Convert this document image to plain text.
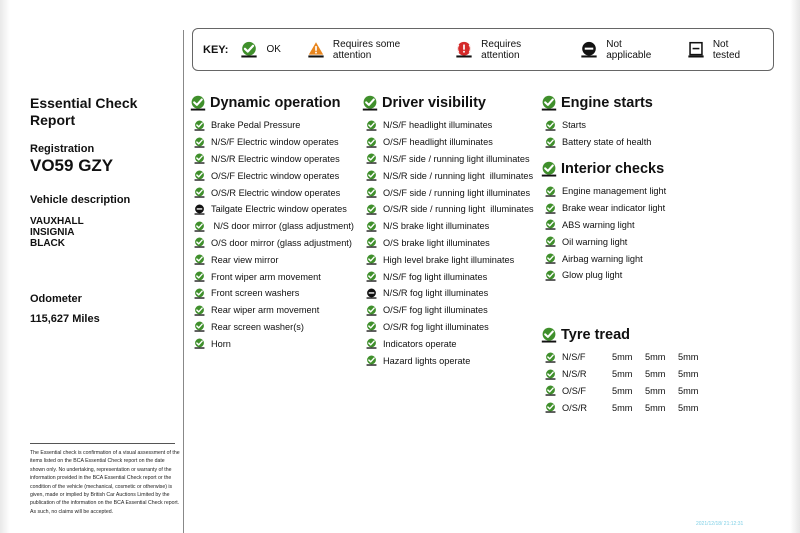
Essential Check Report
Registration
VO59 GZY
Vehicle description
VAUXHALL
INSIGNIA
BLACK
Odometer
115,627 Miles
The Essential check is confirmation of a visual assessment of the items listed on the BCA Essential Check report on the date shown only. No undertaking, representation or warranty of the information provided in the BCA Essential Check report or the condition of the vehicle (mechanical, cosmetic or otherwise) is given, made or implied by British Car Auctions Limited by the publication of the information on the BCA Essential Check report. As such, no claims will be accepted.
KEY:	OK	Requires some attention
Requires attention
Not applicable
Not tested
Dynamic operation
Brake Pedal Pressure
N/S/F Electric window operates
N/S/R Electric window operates
O/S/F Electric window operates
O/S/R Electric window operates
Tailgate Electric window operates
N/S door mirror (glass adjustment)
O/S door mirror (glass adjustment)
Rear view mirror
Front wiper arm movement
Front screen washers
Rear wiper arm movement
Rear screen washer(s)
Horn
Driver visibility
N/S/F headlight illuminates
O/S/F headlight illuminates
N/S/F side / running light illuminates
N/S/R side / running light  illuminates
O/S/F side / running light illuminates
O/S/R side / running light  illuminates
N/S brake light illuminates
O/S brake light illuminates
High level brake light illuminates
N/S/F fog light illuminates
N/S/R fog light illuminates
O/S/F fog light illuminates
O/S/R fog light illuminates
Indicators operate
Hazard lights operate
Engine starts
Starts
Battery state of health
Interior checks
Engine management light
Brake wear indicator light
ABS warning light
Oil warning light
Airbag warning light
Glow plug light
Tyre tread
N/S/F	5mm	5mm	5mm
N/S/R	5mm	5mm	5mm
O/S/F	5mm	5mm	5mm
O/S/R	5mm	5mm	5mm
2021/12/18/ 21:12:31
